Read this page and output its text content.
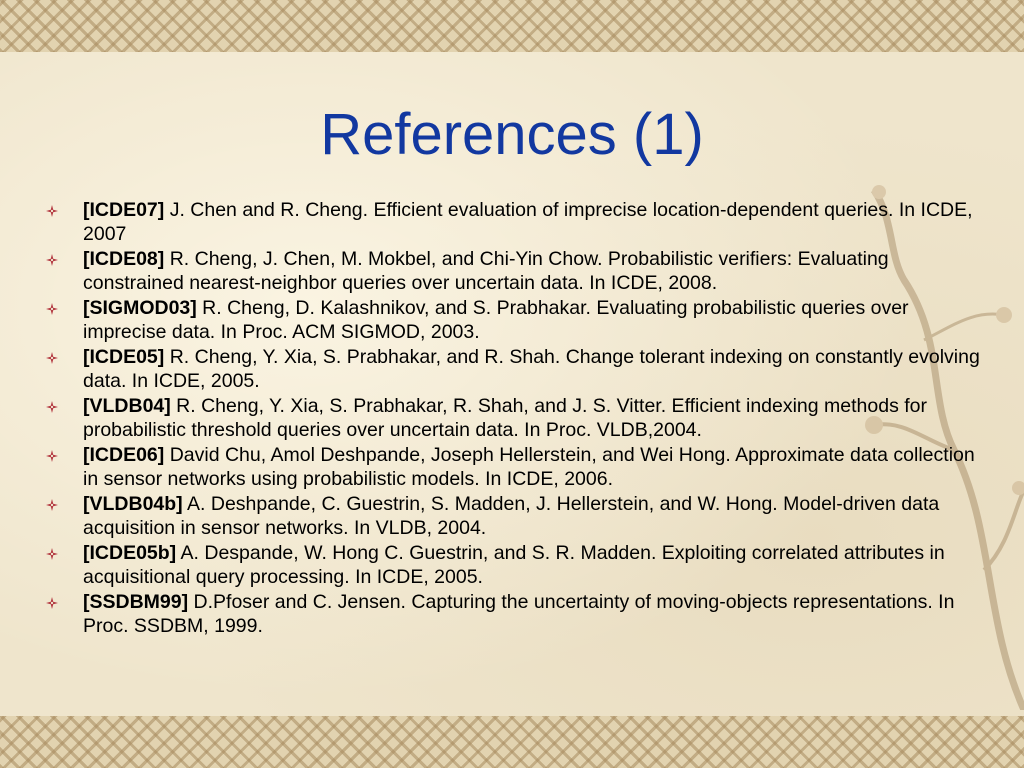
References (1)
[ICDE07] J. Chen and R. Cheng. Efficient evaluation of imprecise location-dependent queries. In ICDE, 2007
[ICDE08] R. Cheng, J. Chen, M. Mokbel, and Chi-Yin Chow. Probabilistic verifiers: Evaluating constrained nearest-neighbor queries over uncertain data. In ICDE, 2008.
[SIGMOD03] R. Cheng, D. Kalashnikov, and S. Prabhakar. Evaluating probabilistic queries over imprecise data. In Proc. ACM SIGMOD, 2003.
[ICDE05] R. Cheng, Y. Xia, S. Prabhakar, and R. Shah. Change tolerant indexing on constantly evolving data. In ICDE, 2005.
[VLDB04] R. Cheng, Y. Xia, S. Prabhakar, R. Shah, and J. S. Vitter. Efficient indexing methods for probabilistic threshold queries over uncertain data. In Proc. VLDB,2004.
[ICDE06] David Chu, Amol Deshpande, Joseph Hellerstein, and Wei Hong. Approximate data collection in sensor networks using probabilistic models. In ICDE, 2006.
[VLDB04b] A. Deshpande, C. Guestrin, S. Madden, J. Hellerstein, and W. Hong. Model-driven data acquisition in sensor networks. In VLDB, 2004.
[ICDE05b] A. Despande, W. Hong C. Guestrin, and S. R. Madden. Exploiting correlated attributes in acquisitional query processing. In ICDE, 2005.
[SSDBM99] D.Pfoser and C. Jensen. Capturing the uncertainty of moving-objects representations. In Proc. SSDBM, 1999.
